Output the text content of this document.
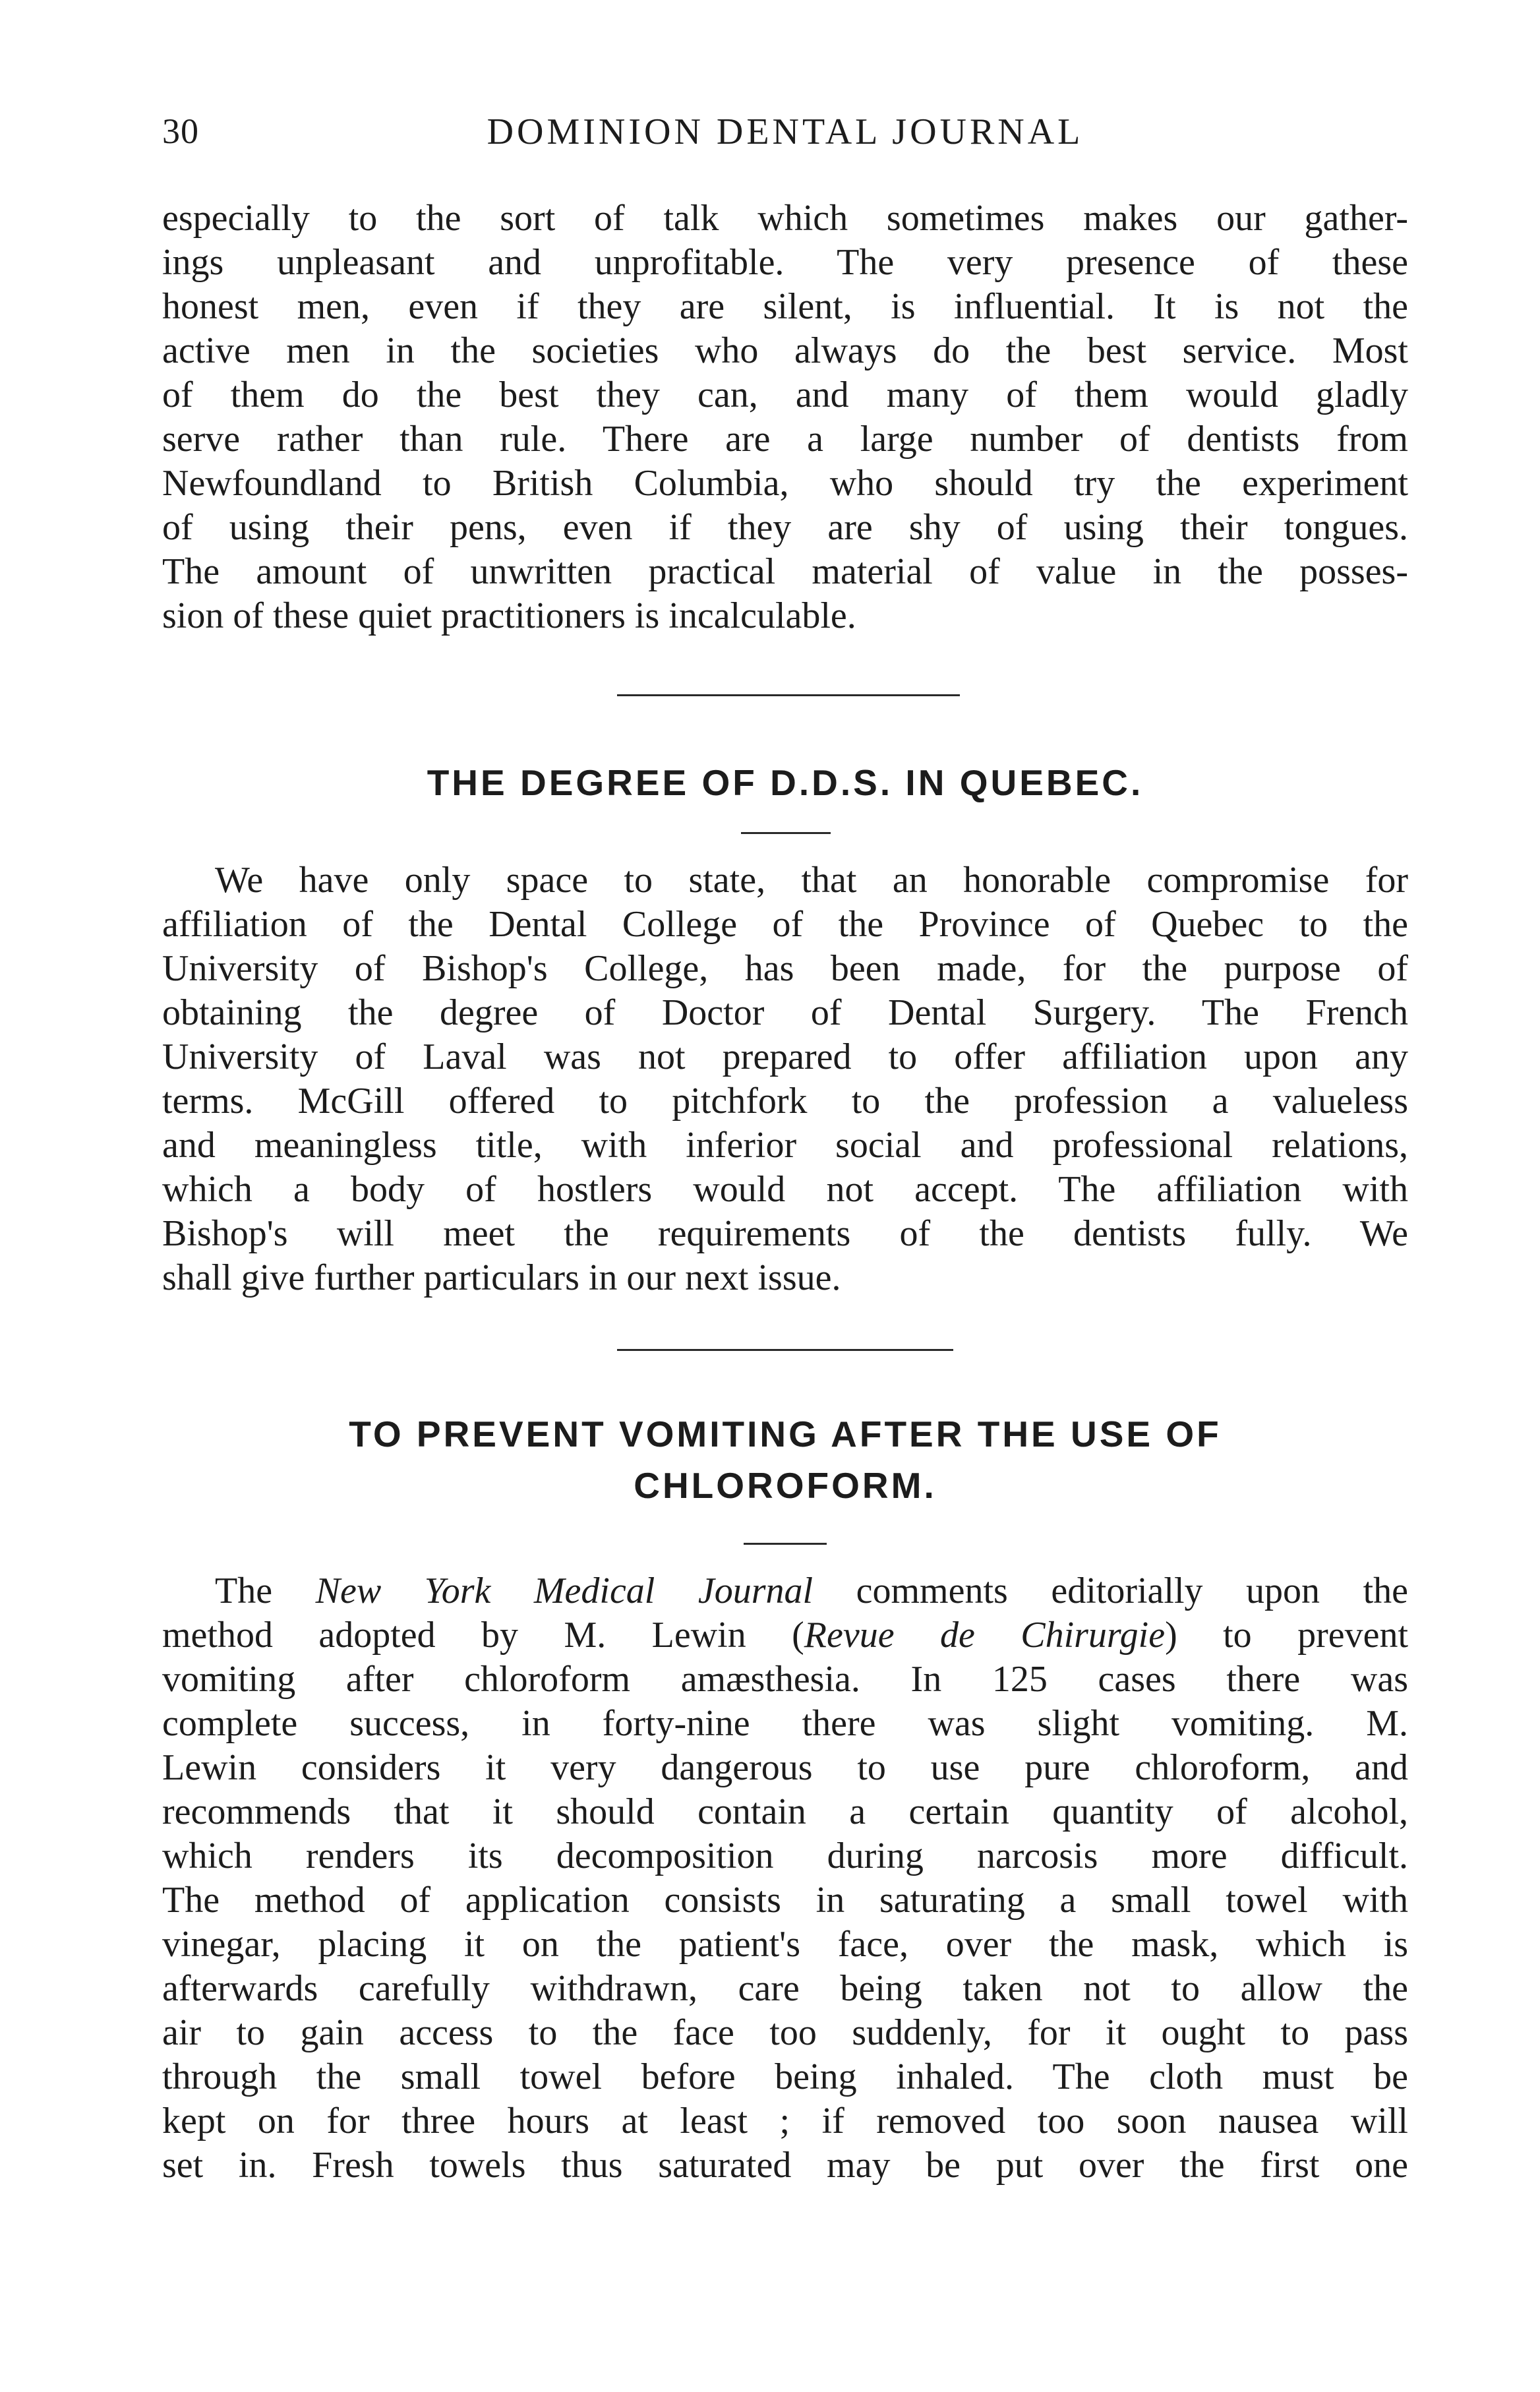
30	DOMINION DENTAL JOURNAL
especially to the sort of talk which sometimes makes our gather-
ings unpleasant and unprofitable. The very presence of these
honest men, even if they are silent, is influential. It is not the
active men in the societies who always do the best service. Most
of them do the best they can, and many of them would gladly
serve rather than rule. There are a large number of dentists from
Newfoundland to British Columbia, who should try the experiment
of using their pens, even if they are shy of using their tongues.
The amount of unwritten practical material of value in the posses-
sion of these quiet practitioners is incalculable.
THE DEGREE OF D.D.S. IN QUEBEC.
We have only space to state, that an honorable compromise for
affiliation of the Dental College of the Province of Quebec to the
University of Bishop's College, has been made, for the purpose of
obtaining the degree of Doctor of Dental Surgery. The French
University of Laval was not prepared to offer affiliation upon any
terms. McGill offered to pitchfork to the profession a valueless
and meaningless title, with inferior social and professional relations,
which a body of hostlers would not accept. The affiliation with
Bishop's will meet the requirements of the dentists fully. We
shall give further particulars in our next issue.
TO PREVENT VOMITING AFTER THE USE OF
CHLOROFORM.
The New York Medical Journal comments editorially upon the
method adopted by M. Lewin (Revue de Chirurgie) to prevent
vomiting after chloroform amæsthesia. In 125 cases there was
complete success, in forty-nine there was slight vomiting. M.
Lewin considers it very dangerous to use pure chloroform, and
recommends that it should contain a certain quantity of alcohol,
which renders its decomposition during narcosis more difficult.
The method of application consists in saturating a small towel with
vinegar, placing it on the patient's face, over the mask, which is
afterwards carefully withdrawn, care being taken not to allow the
air to gain access to the face too suddenly, for it ought to pass
through the small towel before being inhaled. The cloth must be
kept on for three hours at least ; if removed too soon nausea will
set in. Fresh towels thus saturated may be put over the first one
